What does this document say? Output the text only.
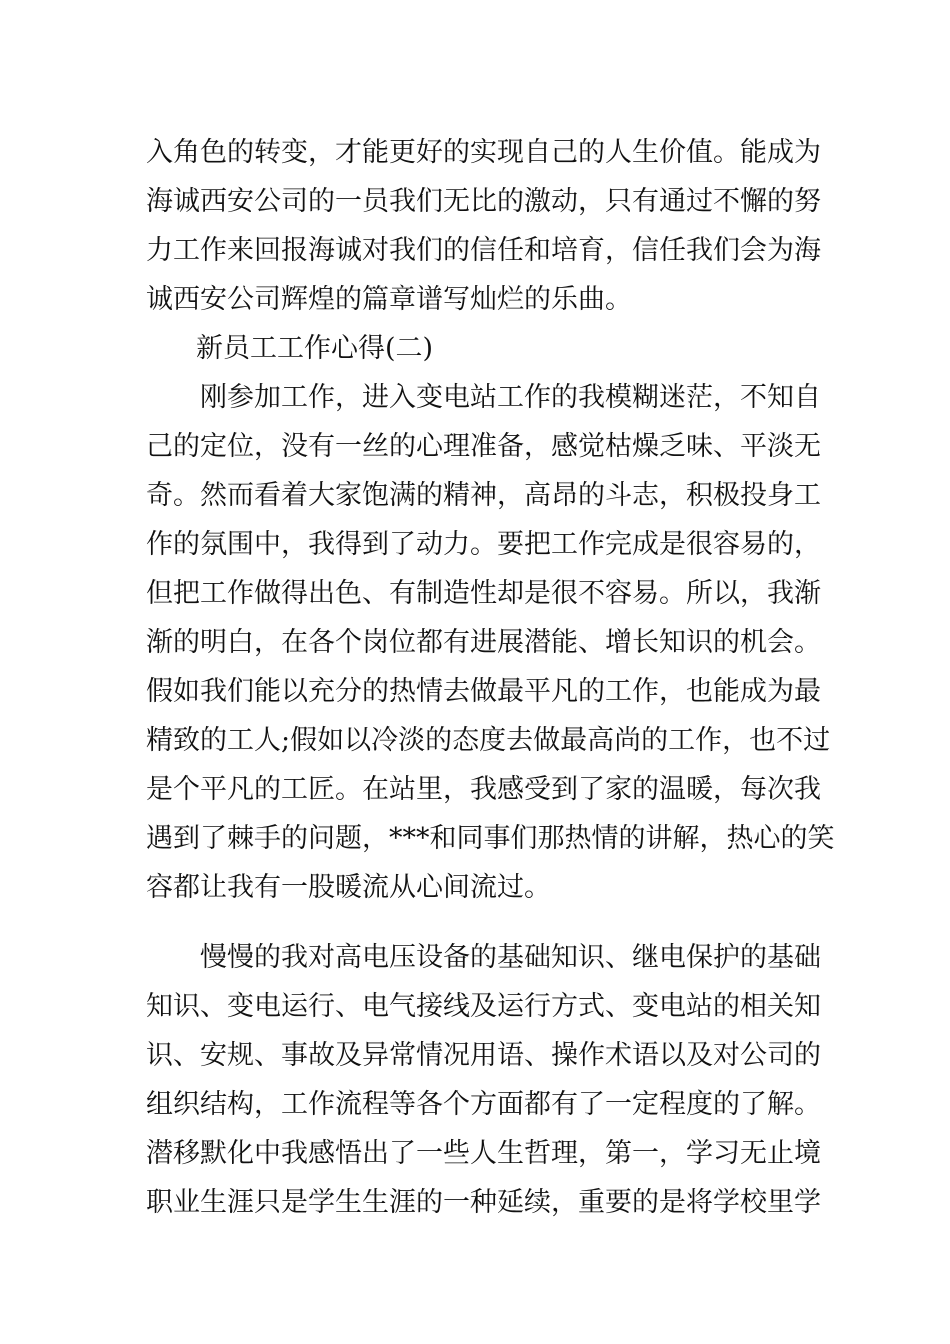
入角色的转变，才能更好的实现自己的人生价值。能成为
海诚西安公司的一员我们无比的激动，只有通过不懈的努
力工作来回报海诚对我们的信任和培育，信任我们会为海
诚西安公司辉煌的篇章谱写灿烂的乐曲。
新员工工作心得(二)
刚参加工作，进入变电站工作的我模糊迷茫，不知自
己的定位，没有一丝的心理准备，感觉枯燥乏味、平淡无
奇。然而看着大家饱满的精神，高昂的斗志，积极投身工
作的氛围中，我得到了动力。要把工作完成是很容易的，
但把工作做得出色、有制造性却是很不容易。所以，我渐
渐的明白，在各个岗位都有进展潜能、增长知识的机会。
假如我们能以充分的热情去做最平凡的工作，也能成为最
精致的工人;假如以冷淡的态度去做最高尚的工作，也不过
是个平凡的工匠。在站里，我感受到了家的温暖，每次我
遇到了棘手的问题，***和同事们那热情的讲解，热心的笑
容都让我有一股暖流从心间流过。
慢慢的我对高电压设备的基础知识、继电保护的基础
知识、变电运行、电气接线及运行方式、变电站的相关知
识、安规、事故及异常情况用语、操作术语以及对公司的
组织结构，工作流程等各个方面都有了一定程度的了解。
潜移默化中我感悟出了一些人生哲理，第一，学习无止境
职业生涯只是学生生涯的一种延续，重要的是将学校里学
